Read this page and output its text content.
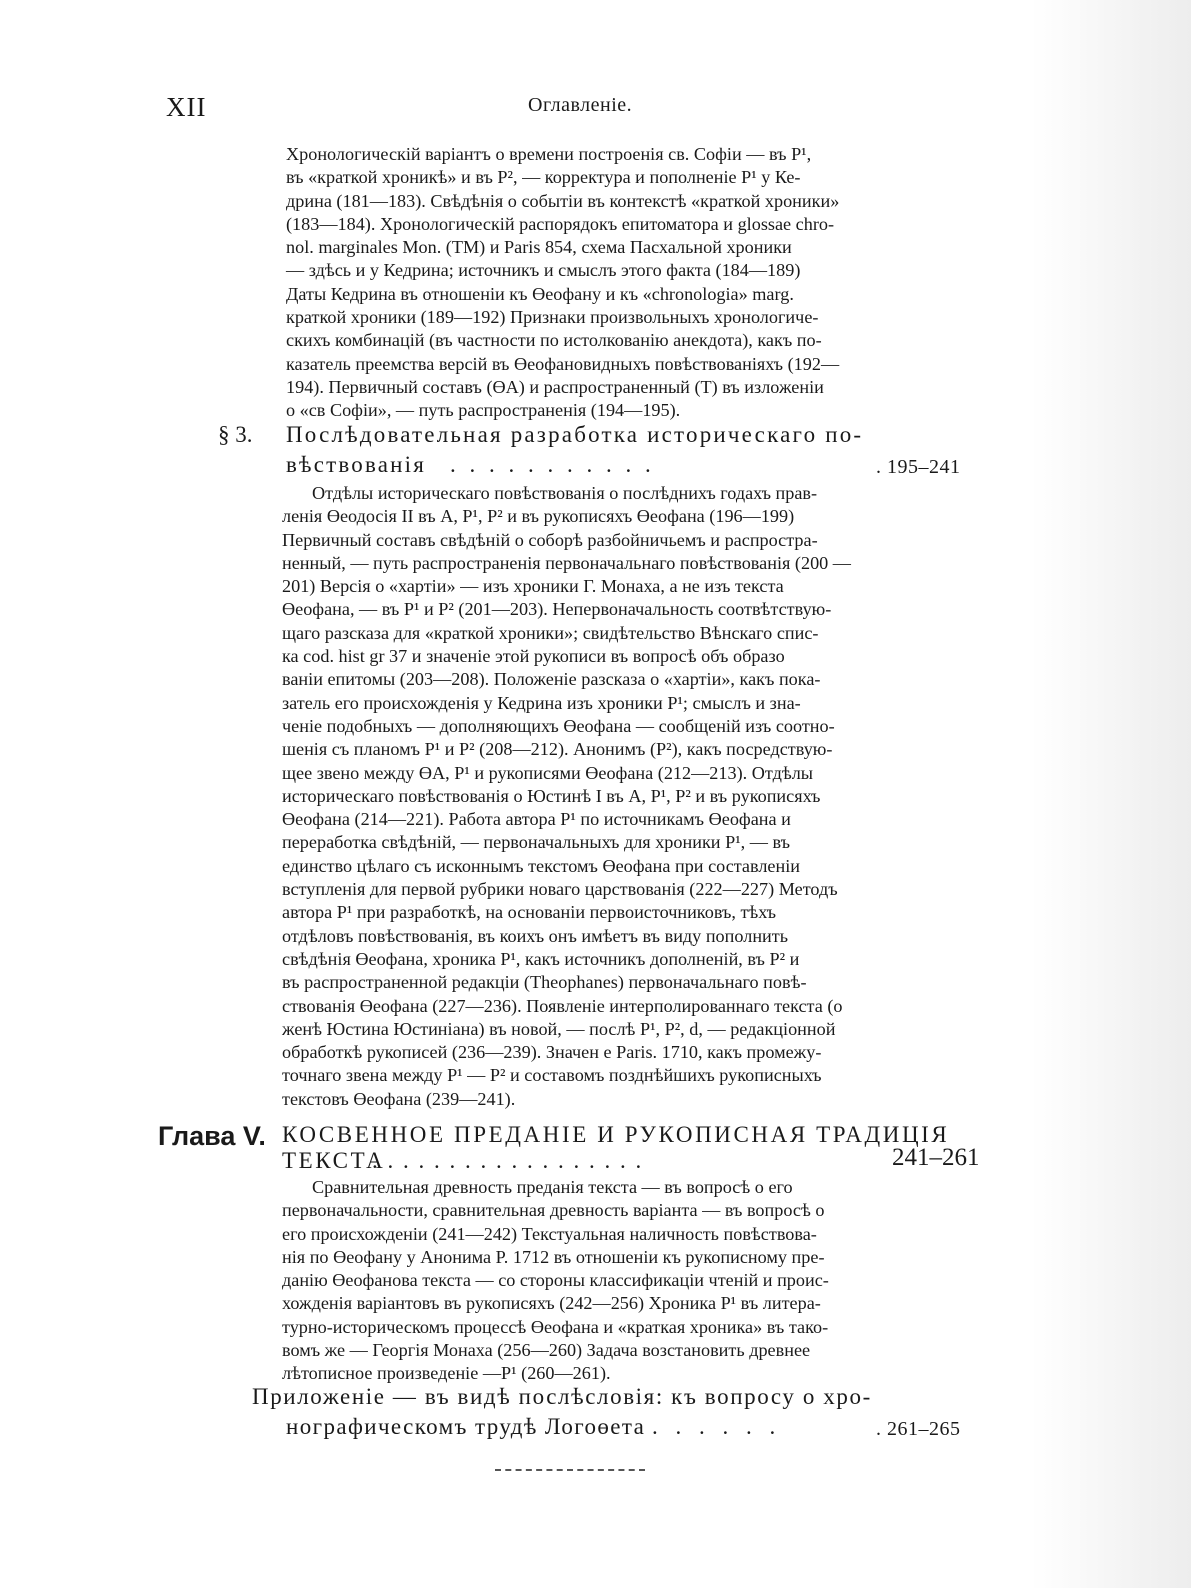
XII	Оглавленіе.
Хронологическій варіантъ о времени построенія св. Софіи — въ P¹,
въ «краткой хроникѣ» и въ P², — корректура и пополненіе P¹ у Ке-
дрина (181—183). Свѣдѣнія о событіи въ контекстѣ «краткой хроники»
(183—184). Хронологическій распорядокъ епитоматора и glossae chro-
nol. marginales Mon. (TM) и Paris 854, схема Пасхальной хроники
— здѣсь и у Кедрина; источникъ и смыслъ этого факта (184—189)
Даты Кедрина въ отношеніи къ Өеофану и къ «chronologia» marg.
краткой хроники (189—192) Признаки произвольныхъ хронологиче-
скихъ комбинацій (въ частности по истолкованію анекдота), какъ по-
казатель преемства версій въ Өеофановидныхъ повѣствованіяхъ (192—
194). Первичный составъ (ӨА) и распространенный (T) въ изложеніи
о «св Софіи», — путь распространенія (194—195).
§ 3. Послѣдовательная разработка историческаго по-
вѣствованія . . . . . . . . . . .	. 195–241
Отдѣлы историческаго повѣствованія о послѣднихъ годахъ прав-
ленія Өеодосія II въ A, P¹, P² и въ рукописяхъ Өеофана (196—199)
Первичный составъ свѣдѣній о соборѣ разбойничьемъ и распростра-
ненный, — путь распространенія первоначальнаго повѣствованія (200 —
201) Версія о «хартіи» — изъ хроники Г. Монаха, а не изъ текста
Өеофана, — въ P¹ и P² (201—203). Непервоначальность соотвѣтствую-
щаго разсказа для «краткой хроники»; свидѣтельство Вѣнскаго спис-
ка cod. hist gr 37 и значеніе этой рукописи въ вопросѣ объ образо
ваніи епитомы (203—208). Положеніе разсказа о «хартіи», какъ пока-
затель его происхожденія у Кедрина изъ хроники P¹; смыслъ и зна-
ченіе подобныхъ — дополняющихъ Өеофана — сообщеній изъ соотно-
шенія съ планомъ P¹ и P² (208—212). Анонимъ (P²), какъ посредствую-
щее звено между ӨA, P¹ и рукописями Өеофана (212—213). Отдѣлы
историческаго повѣствованія о Юстинѣ I въ A, P¹, P² и въ рукописяхъ
Өеофана (214—221). Работа автора P¹ по источникамъ Өеофана и
переработка свѣдѣній, — первоначальныхъ для хроники P¹, — въ
единство цѣлаго съ исконнымъ текстомъ Өеофана при составленіи
вступленія для первой рубрики новаго царствованія (222—227) Методъ
автора P¹ при разработкѣ, на основаніи первоисточниковъ, тѣхъ
отдѣловъ повѣствованія, въ коихъ онъ имѣетъ въ виду пополнить
свѣдѣнія Өеофана, хроника P¹, какъ источникъ дополненій, въ P² и
въ распространенной редакціи (Theophanes) первоначальнаго повѣ-
ствованія Өеофана (227—236). Появленіе интерполированнаго текста (о
женѣ Юстина Юстиніана) въ новой, — послѣ P¹, P², d, — редакціонной
обработкѣ рукописей (236—239). Значен е Paris. 1710, какъ промежу-
точнаго звена между P¹ — P² и составомъ позднѣйшихъ рукописныхъ
текстовъ Өеофана (239—241).
Глава V. КОСВЕННОЕ ПРЕДАНІЕ И РУКОПИСНАЯ ТРАДИЦІЯ
ТЕКСТА
. . . . . . . . . . . . . . . . . .	241–261
Сравнительная древность преданія текста — въ вопросѣ о его
первоначальности, сравнительная древность варіанта — въ вопросѣ о
его происхожденіи (241—242) Текстуальная наличность повѣствова-
нія по Өеофану у Анонима P. 1712 въ отношеніи къ рукописному пре-
данію Өеофанова текста — со стороны классификаціи чтеній и проис-
хожденія варіантовъ въ рукописяхъ (242—256) Хроника P¹ въ литера-
турно-историческомъ процессѣ Өеофана и «краткая хроника» въ тако-
вомъ же — Георгія Монаха (256—260) Задача возстановить древнее
лѣтописное произведеніе —P¹ (260—261).
Приложеніе — въ видѣ послѣсловія: къ вопросу о хро-
нографическомъ трудѣ Логоөета . . . . . .	. 261–265
